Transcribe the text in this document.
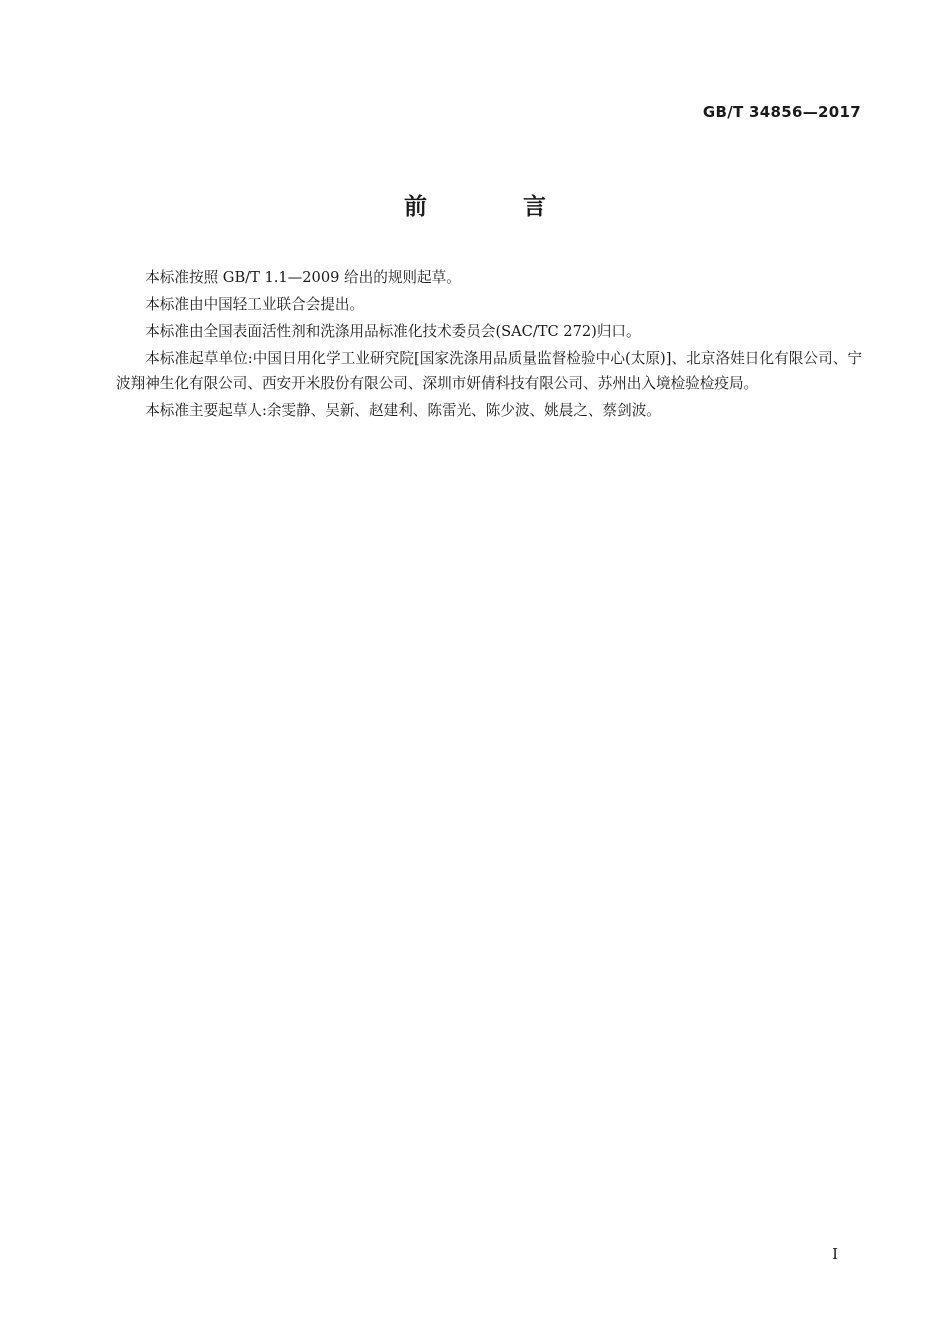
GB/T 34856—2017
前 言

本标准按照 GB/T 1.1—2009 给出的规则起草。

本标准由中国轻工业联合会提出。

本标准由全国表面活性剂和洗涤用品标准化技术委员会(SAC/TC 272)归口。

本标准起草单位:中国日用化学工业研究院[国家洗涤用品质量监督检验中心(太原)]、北京洛娃日化有限公司、宁波翔神生化有限公司、西安开米股份有限公司、深圳市妍倩科技有限公司、苏州出入境检验检疫局。

本标准主要起草人:余雯静、吴新、赵建利、陈雷光、陈少波、姚晨之、蔡剑波。

I
